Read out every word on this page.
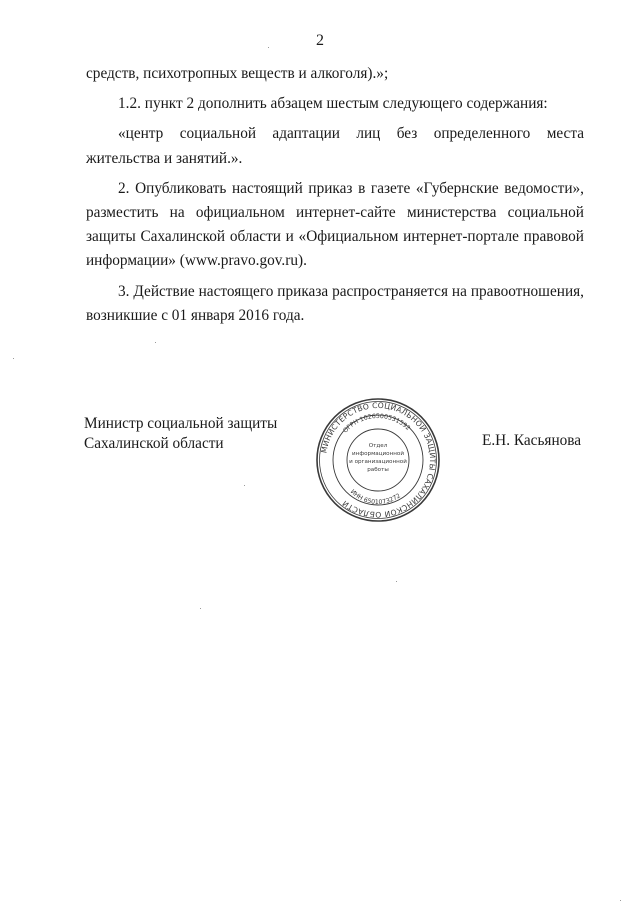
2

средств, психотропных веществ и алкоголя).»;

1.2. пункт 2 дополнить абзацем шестым следующего содержания:

«центр социальной адаптации лиц без определенного места жительства и занятий.».

2. Опубликовать настоящий приказ в газете «Губернские ведомости», разместить на официальном интернет-сайте министерства социальной защиты Сахалинской области и «Официальном интернет-портале правовой информации» (www.pravo.gov.ru).

3. Действие настоящего приказа распространяется на правоотношения, возникшие с 01 января 2016 года.

Министр социальной защиты
Сахалинской области	МИНИСТЕРСТВО СОЦИАЛЬНОЙ ЗАЩИТЫ САХАЛИНСКОЙ ОБЛАСТИ
ОГРН 1026500531592
ИНН 6501073272
Отдел
информационной
и организационной
работы
Е.Н. Касьянова
